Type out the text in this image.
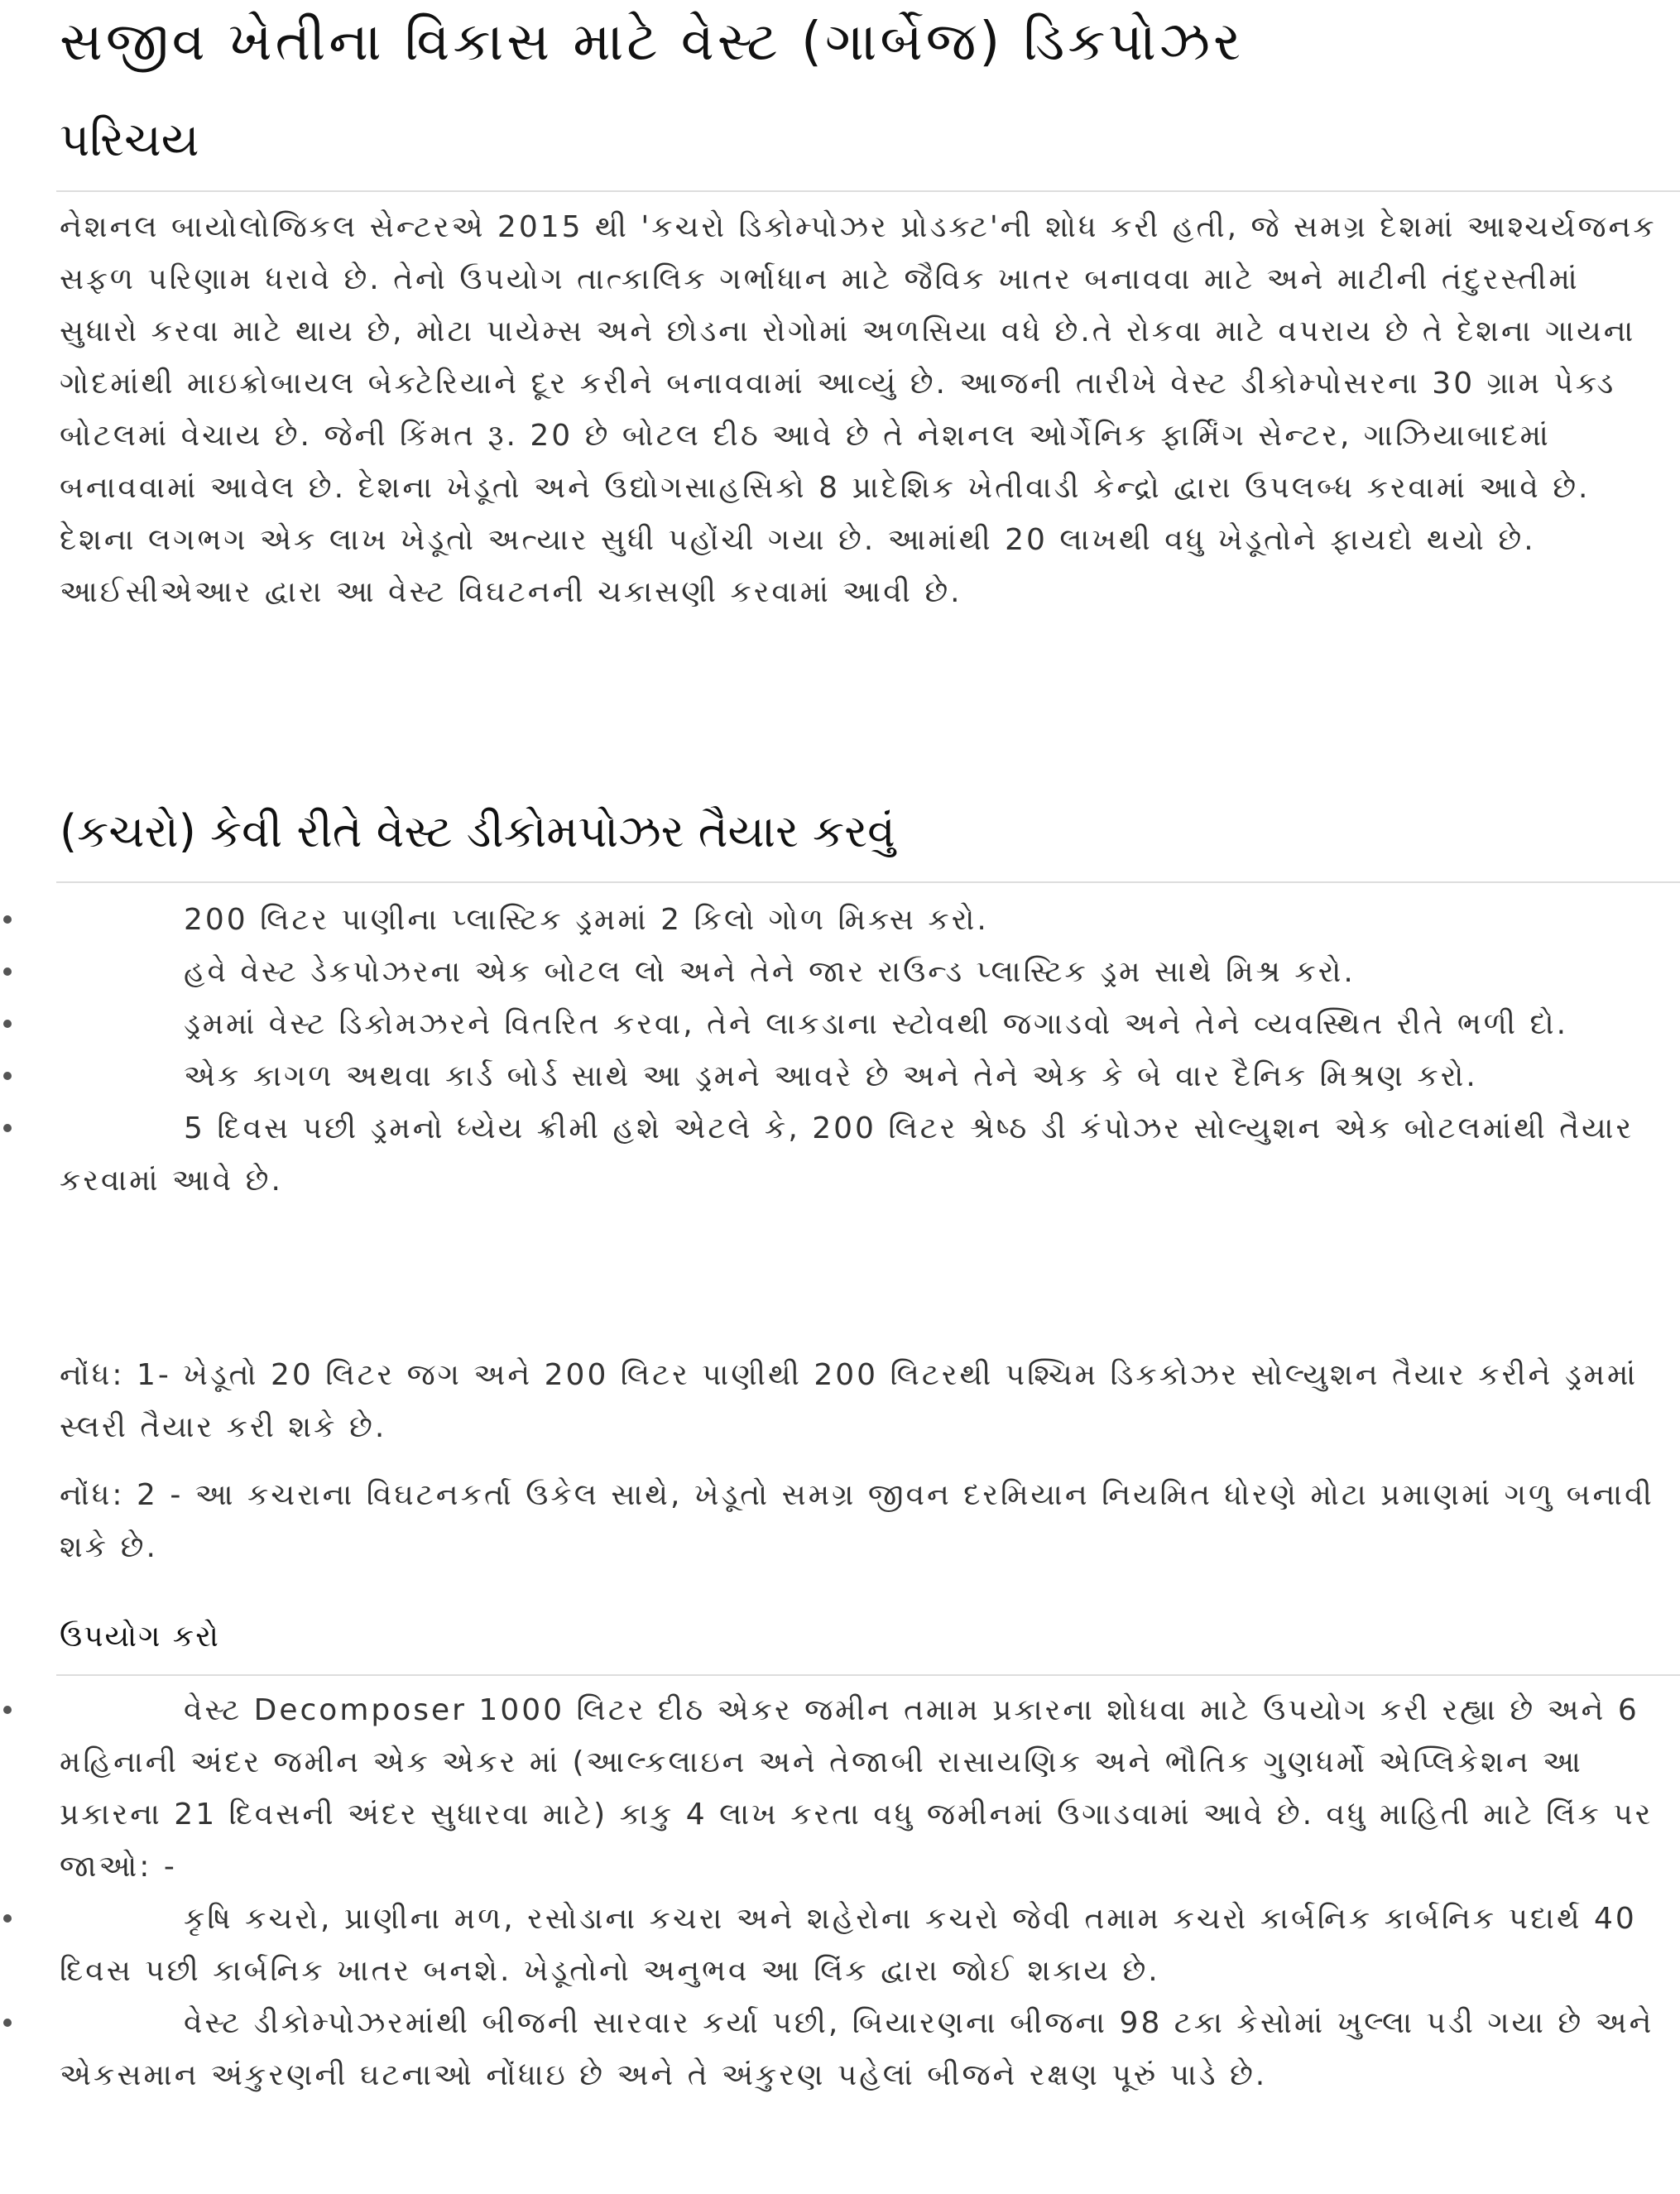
સજીવ ખેતીના વિકાસ માટે વેસ્ટ (ગાર્બેજ) ડિકપોઝર
પરિચય

નેશનલ બાયોલોજિકલ સેન્ટરએ 2015 થી 'કચરો ડિકોમ્પોઝર પ્રોડક્ટ'ની શોધ કરી હતી, જે સમગ્ર દેશમાં આશ્ચર્યજનક સફળ પરિણામ ધરાવે છે. તેનો ઉપયોગ તાત્કાલિક ગર્ભાધાન માટે જૈવિક ખાતર બનાવવા માટે અને માટીની તંદુરસ્તીમાં સુધારો કરવા માટે થાય છે, મોટા પાયેમ્સ અને છોડના રોગોમાં અળસિયા વધે છે.તે રોકવા માટે વપરાય છે તે દેશના ગાયના ગોદમાંથી માઇક્રોબાયલ બેક્ટેરિયાને દૂર કરીને બનાવવામાં આવ્યું છે. આજની તારીખે વેસ્ટ ડીકોમ્પોસરના 30 ગ્રામ પેક્ડ બોટલમાં વેચાય છે. જેની કિંમત રૂ. 20 છે બોટલ દીઠ આવે છે તે નેશનલ ઓર્ગેનિક ફાર્મિંગ સેન્ટર, ગાઝિયાબાદમાં બનાવવામાં આવેલ છે. દેશના ખેડૂતો અને ઉદ્યોગસાહસિકો 8 પ્રાદેશિક ખેતીવાડી કેન્દ્રો દ્વારા ઉપલબ્ધ કરવામાં આવે છે. દેશના લગભગ એક લાખ ખેડૂતો અત્યાર સુધી પહોંચી ગયા છે. આમાંથી 20 લાખથી વધુ ખેડૂતોને ફાયદો થયો છે. આઈસીએઆર દ્વારા આ વેસ્ટ વિઘટનની ચકાસણી કરવામાં આવી છે.

(કચરો) કેવી રીતે વેસ્ટ ડીકોમપોઝર તૈયાર કરવું
200 લિટર પાણીના પ્લાસ્ટિક ડ્રમમાં 2 કિલો ગોળ મિક્સ કરો.
હવે વેસ્ટ ડેકપોઝરના એક બોટલ લો અને તેને જાર રાઉન્ડ પ્લાસ્ટિક ડ્રમ સાથે મિશ્ર કરો.
ડ્રમમાં વેસ્ટ ડિકોમઝરને વિતરિત કરવા, તેને લાકડાના સ્ટોવથી જગાડવો અને તેને વ્યવસ્થિત રીતે ભળી દો.
એક કાગળ અથવા કાર્ડ બોર્ડ સાથે આ ડ્રમને આવરે છે અને તેને એક કે બે વાર દૈનિક મિશ્રણ કરો.
5 દિવસ પછી ડ્રમનો ધ્યેય ક્રીમી હશે એટલે કે, 200 લિટર શ્રેષ્ઠ ડી કંપોઝર સોલ્યુશન એક બોટલમાંથી તૈયાર કરવામાં આવે છે.

નોંધ: 1- ખેડૂતો 20 લિટર જગ અને 200 લિટર પાણીથી 200 લિટરથી પશ્ચિમ ડિકકોઝર સોલ્યુશન તૈયાર કરીને ડ્રમમાં સ્લરી તૈયાર કરી શકે છે.

નોંધ: 2 - આ કચરાના વિઘટનકર્તા ઉકેલ સાથે, ખેડૂતો સમગ્ર જીવન દરમિયાન નિયમિત ધોરણે મોટા પ્રમાણમાં ગળુ બનાવી શકે છે.

ઉપયોગ કરો
વેસ્ટ Decomposer 1000 લિટર દીઠ એકર જમીન તમામ પ્રકારના શોધવા માટે ઉપયોગ કરી રહ્યા છે અને 6 મહિનાની અંદર જમીન એક એકર માં (આલ્કલાઇન અને તેજાબી રાસાયણિક અને ભૌતિક ગુણધર્મો એપ્લિકેશન આ પ્રકારના 21 દિવસની અંદર સુધારવા માટે) કાકુ 4 લાખ કરતા વધુ જમીનમાં ઉગાડવામાં આવે છે. વધુ માહિતી માટે લિંક પર જાઓ: -
કૃષિ કચરો, પ્રાણીના મળ, રસોડાના કચરા અને શહેરોના કચરો જેવી તમામ કચરો કાર્બનિક કાર્બનિક પદાર્થ 40 દિવસ પછી કાર્બનિક ખાતર બનશે. ખેડૂતોનો અનુભવ આ લિંક દ્વારા જોઈ શકાય છે.
વેસ્ટ ડીકોમ્પોઝરમાંથી બીજની સારવાર કર્યા પછી, બિયારણના બીજના 98 ટકા કેસોમાં ખુલ્લા પડી ગયા છે અને એકસમાન અંકુરણની ઘટનાઓ નોંધાઇ છે અને તે અંકુરણ પહેલાં બીજને રક્ષણ પૂરું પાડે છે.
